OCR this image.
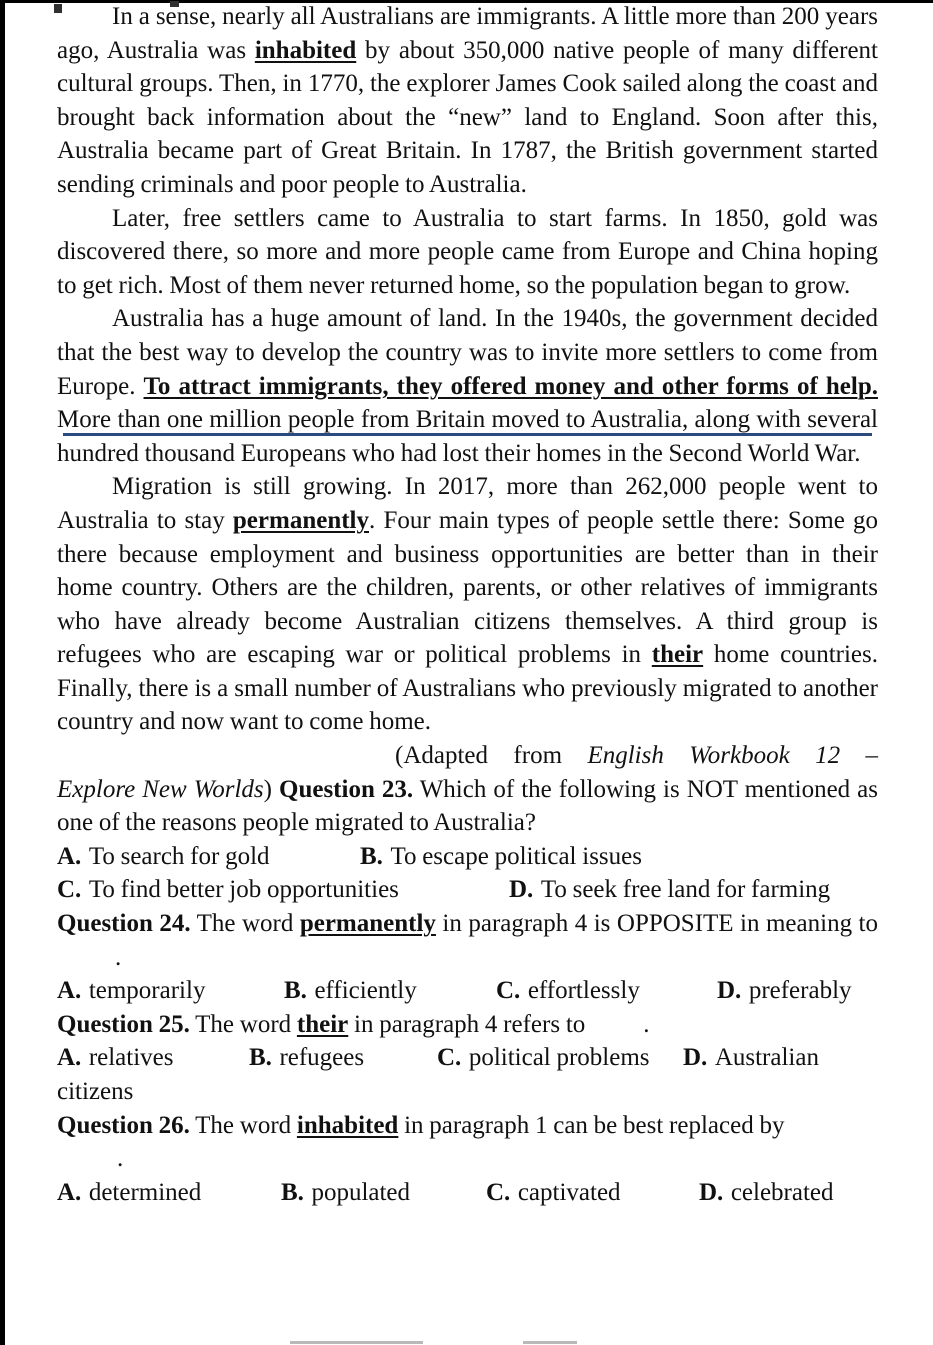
In a sense, nearly all Australians are immigrants. A little more than 200 years ago, Australia was inhabited by about 350,000 native people of many different cultural groups. Then, in 1770, the explorer James Cook sailed along the coast and brought back information about the “new” land to England. Soon after this, Australia became part of Great Britain. In 1787, the British government started sending criminals and poor people to Australia.

Later, free settlers came to Australia to start farms. In 1850, gold was discovered there, so more and more people came from Europe and China hoping to get rich. Most of them never returned home, so the population began to grow.

Australia has a huge amount of land. In the 1940s, the government decided that the best way to develop the country was to invite more settlers to come from Europe. To attract immigrants, they offered money and other forms of help. More than one million people from Britain moved to Australia, along with several hundred thousand Europeans who had lost their homes in the Second World War.

Migration is still growing. In 2017, more than 262,000 people went to Australia to stay permanently. Four main types of people settle there: Some go there because employment and business opportunities are better than in their home country. Others are the children, parents, or other relatives of immigrants who have already become Australian citizens themselves. A third group is refugees who are escaping war or political problems in their home countries. Finally, there is a small number of Australians who previously migrated to another country and now want to come home.

(Adapted from English Workbook 12 –

Explore New Worlds) Question 23. Which of the following is NOT mentioned as one of the reasons people migrated to Australia?

A. To search for gold	B. To escape political issues
C. To find better job opportunities	D. To seek free land for farming

Question 24. The word permanently in paragraph 4 is OPPOSITE in meaning to.

A. temporarily	B. efficiently	C. effortlessly	D. preferably

Question 25. The word their in paragraph 4 refers to .

A. relatives	B. refugees	C. political problems D. Australian
citizens

Question 26. The word inhabited in paragraph 1 can be best replaced by

.

A. determined	B. populated	C. captivated	D. celebrated
